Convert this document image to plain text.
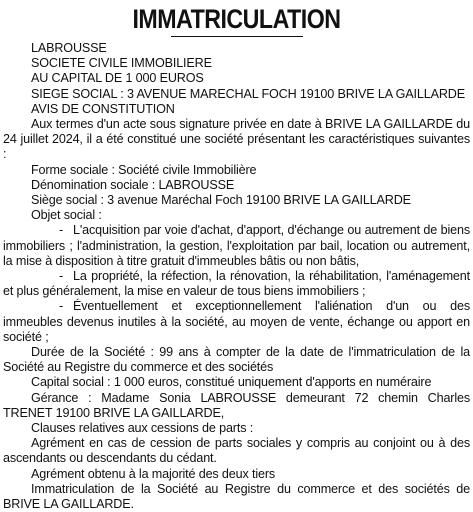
IMMATRICULATION

LABROUSSE

SOCIETE CIVILE IMMOBILIERE

AU CAPITAL DE 1 000 EUROS

SIEGE SOCIAL : 3 AVENUE MARECHAL FOCH 19100 BRIVE LA GAILLARDE

AVIS DE CONSTITUTION

Aux termes d'un acte sous signature privée en date à BRIVE LA GAILLARDE du 24 juillet 2024, il a été constitué une société présentant les caractéristiques suivantes :

Forme sociale : Société civile Immobilière

Dénomination sociale : LABROUSSE

Siège social : 3 avenue Maréchal Foch 19100 BRIVE LA GAILLARDE

Objet social :

- L'acquisition par voie d'achat, d'apport, d'échange ou autrement de biens immobiliers ; l'administration, la gestion, l'exploitation par bail, location ou autrement, la mise à disposition à titre gratuit d'immeubles bâtis ou non bâtis,

- La propriété, la réfection, la rénovation, la réhabilitation, l'aménagement et plus généralement, la mise en valeur de tous biens immobiliers ;

- Éventuellement et exceptionnellement l'aliénation d'un ou des immeubles devenus inutiles à la société, au moyen de vente, échange ou apport en société ;

Durée de la Société : 99 ans à compter de la date de l'immatriculation de la Société au Registre du commerce et des sociétés

Capital social : 1 000 euros, constitué uniquement d'apports en numéraire

Gérance : Madame Sonia LABROUSSE demeurant 72 chemin Charles TRENET 19100 BRIVE LA GAILLARDE,

Clauses relatives aux cessions de parts :

Agrément en cas de cession de parts sociales y compris au conjoint ou à des ascendants ou descendants du cédant.

Agrément obtenu à la majorité des deux tiers

Immatriculation de la Société au Registre du commerce et des sociétés de BRIVE LA GAILLARDE.
